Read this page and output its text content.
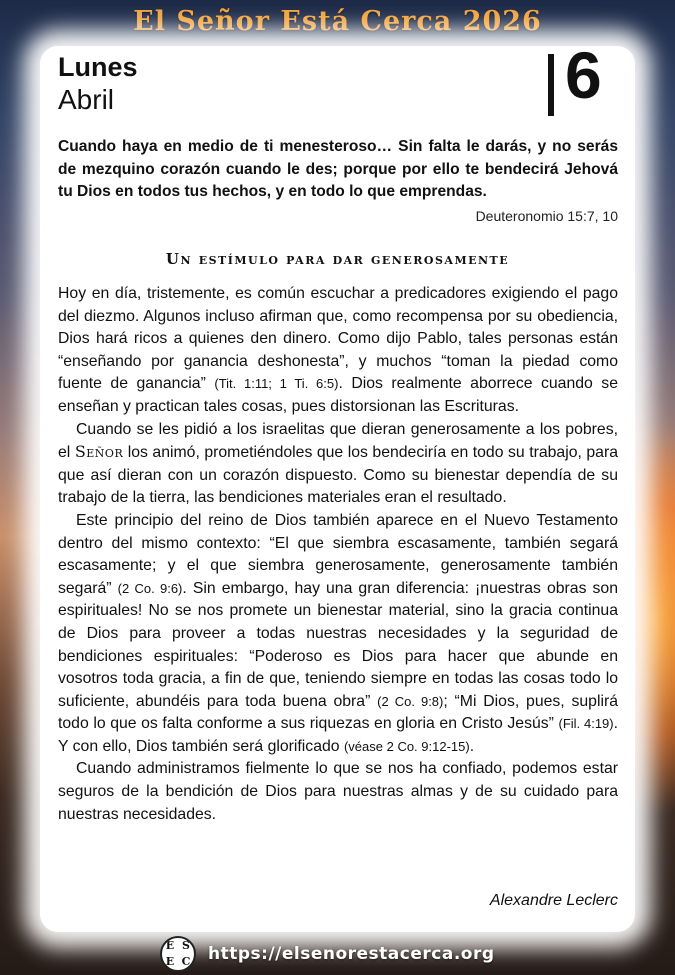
El Señor Está Cerca 2026
Lunes
Abril	6
Cuando haya en medio de ti menesteroso… Sin falta le darás, y no serás de mezquino corazón cuando le des; porque por ello te bendecirá Jehová tu Dios en todos tus hechos, y en todo lo que emprendas.
Deuteronomio 15:7, 10
Un estímulo para dar generosamente

Hoy en día, tristemente, es común escuchar a predicadores exigiendo el pago del diezmo. Algunos incluso afirman que, como recompensa por su obediencia, Dios hará ricos a quienes den dinero. Como dijo Pablo, tales personas están “enseñando por ganancia deshonesta”, y muchos “toman la piedad como fuente de ganancia” (Tit. 1:11; 1 Ti. 6:5). Dios realmente aborrece cuando se enseñan y practican tales cosas, pues distorsionan las Escrituras.

Cuando se les pidió a los israelitas que dieran generosamente a los pobres, el Señor los animó, prometiéndoles que los bendeciría en todo su trabajo, para que así dieran con un corazón dispuesto. Como su bienestar dependía de su trabajo de la tierra, las bendiciones materiales eran el resultado.

Este principio del reino de Dios también aparece en el Nuevo Testamento dentro del mismo contexto: “El que siembra escasamente, también segará escasamente; y el que siembra generosamente, generosamente también segará” (2 Co. 9:6). Sin embargo, hay una gran diferencia: ¡nuestras obras son espirituales! No se nos promete un bienestar material, sino la gracia continua de Dios para proveer a todas nuestras necesidades y la seguridad de bendiciones espirituales: “Poderoso es Dios para hacer que abunde en vosotros toda gracia, a fin de que, teniendo siempre en todas las cosas todo lo suficiente, abundéis para toda buena obra” (2 Co. 9:8); “Mi Dios, pues, suplirá todo lo que os falta conforme a sus riquezas en gloria en Cristo Jesús” (Fil. 4:19). Y con ello, Dios también será glorificado (véase 2 Co. 9:12-15).

Cuando administramos fielmente lo que se nos ha confiado, podemos estar seguros de la bendición de Dios para nuestras almas y de su cuidado para nuestras necesidades.

Alexandre Leclerc
E S
E C https://elsenorestacerca.org
